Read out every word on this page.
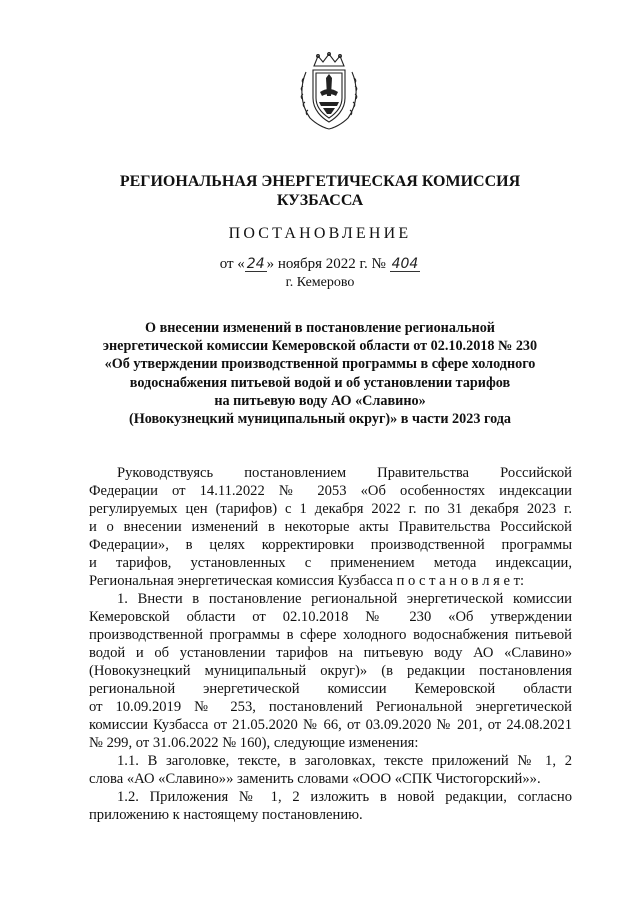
РЕГИОНАЛЬНАЯ ЭНЕРГЕТИЧЕСКАЯ КОМИССИЯ
КУЗБАССА
ПОСТАНОВЛЕНИЕ
от « 24 » ноября 2022 г. № 404
г. Кемерово
О внесении изменений в постановление региональной
энергетической комиссии Кемеровской области от 02.10.2018 № 230
«Об утверждении производственной программы в сфере холодного
водоснабжения питьевой водой и об установлении тарифов
на питьевую воду АО «Славино»
(Новокузнецкий муниципальный округ)» в части 2023 года

Руководствуясь постановлением Правительства Российской

Федерации от 14.11.2022 № 2053 «Об особенностях индексации

регулируемых цен (тарифов) с 1 декабря 2022 г. по 31 декабря 2023 г.

и о внесении изменений в некоторые акты Правительства Российской

Федерации», в целях корректировки производственной программы

и тарифов, установленных с применением метода индексации,

Региональная энергетическая комиссия Кузбасса п о с т а н о в л я е т:

1. Внести в постановление региональной энергетической комиссии

Кемеровской области от 02.10.2018 № 230 «Об утверждении

производственной программы в сфере холодного водоснабжения питьевой

водой и об установлении тарифов на питьевую воду АО «Славино»

(Новокузнецкий муниципальный округ)» (в редакции постановления

региональной энергетической комиссии Кемеровской области

от 10.09.2019 № 253, постановлений Региональной энергетической

комиссии Кузбасса от 21.05.2020 № 66, от 03.09.2020 № 201, от 24.08.2021

№ 299, от 31.06.2022 № 160), следующие изменения:

1.1. В заголовке, тексте, в заголовках, тексте приложений № 1, 2

слова «АО «Славино»» заменить словами «ООО «СПК Чистогорский»».

1.2. Приложения № 1, 2 изложить в новой редакции, согласно

приложению к настоящему постановлению.
